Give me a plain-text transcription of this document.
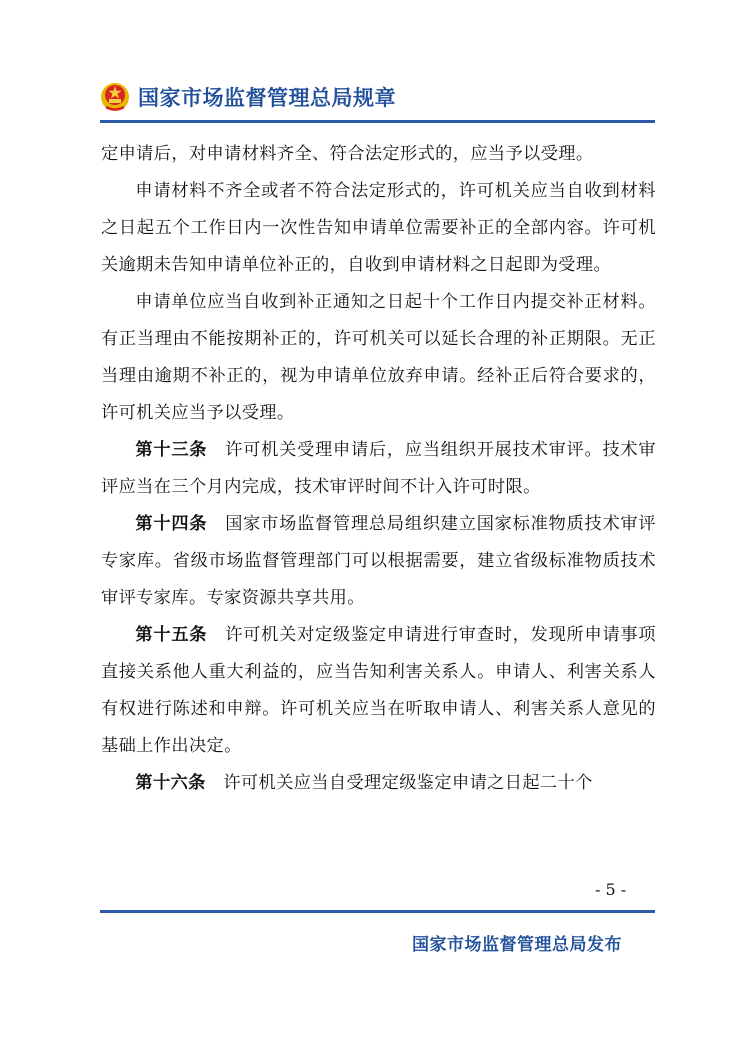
国家市场监督管理总局规章

定申请后，对申请材料齐全、符合法定形式的，应当予以受理。

申请材料不齐全或者不符合法定形式的，许可机关应当自收到材料之日起五个工作日内一次性告知申请单位需要补正的全部内容。许可机关逾期未告知申请单位补正的，自收到申请材料之日起即为受理。

申请单位应当自收到补正通知之日起十个工作日内提交补正材料。有正当理由不能按期补正的，许可机关可以延长合理的补正期限。无正当理由逾期不补正的，视为申请单位放弃申请。经补正后符合要求的，许可机关应当予以受理。

第十三条　 许可机关受理申请后，应当组织开展技术审评。技术审评应当在三个月内完成，技术审评时间不计入许可时限。

第十四条　 国家市场监督管理总局组织建立国家标准物质技术审评专家库。省级市场监督管理部门可以根据需要，建立省级标准物质技术审评专家库。专家资源共享共用。

第十五条　 许可机关对定级鉴定申请进行审查时，发现所申请事项直接关系他人重大利益的，应当告知利害关系人。申请人、利害关系人有权进行陈述和申辩。许可机关应当在听取申请人、利害关系人意见的基础上作出决定。

第十六条　 许可机关应当自受理定级鉴定申请之日起二十个

- 5 -
国家市场监督管理总局发布
